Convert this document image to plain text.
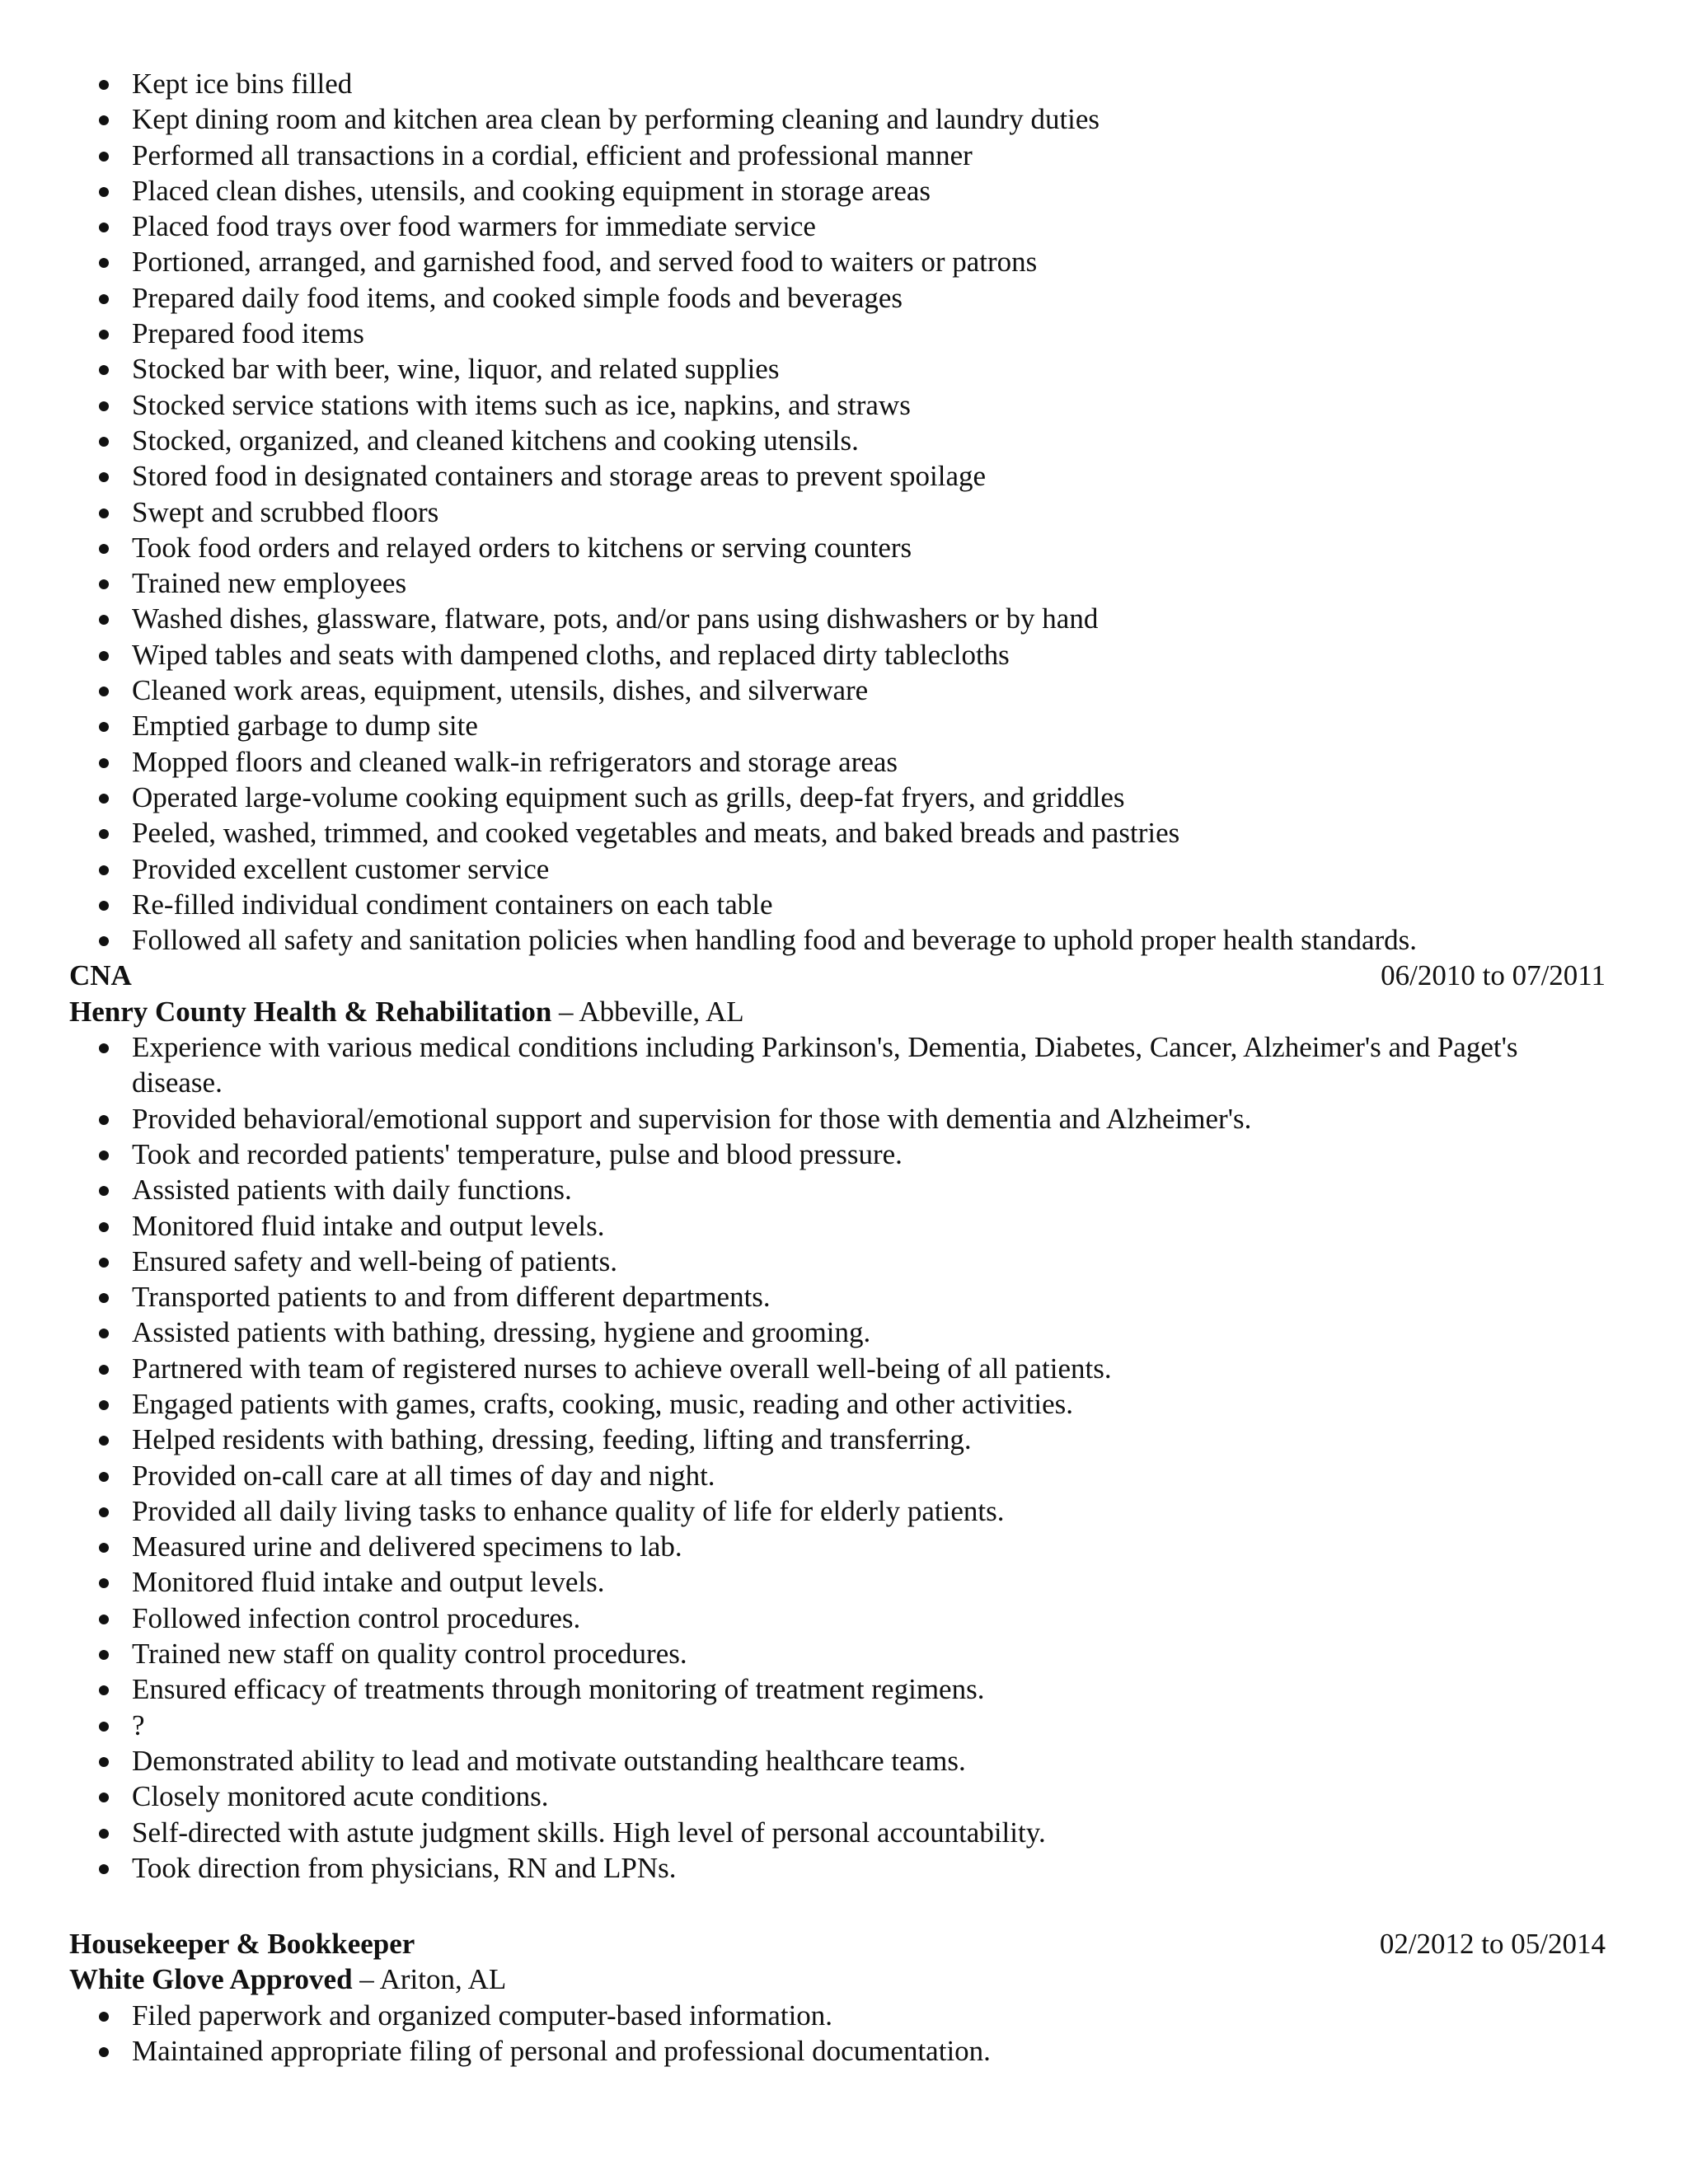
Kept ice bins filled
Kept dining room and kitchen area clean by performing cleaning and laundry duties
Performed all transactions in a cordial, efficient and professional manner
Placed clean dishes, utensils, and cooking equipment in storage areas
Placed food trays over food warmers for immediate service
Portioned, arranged, and garnished food, and served food to waiters or patrons
Prepared daily food items, and cooked simple foods and beverages
Prepared food items
Stocked bar with beer, wine, liquor, and related supplies
Stocked service stations with items such as ice, napkins, and straws
Stocked, organized, and cleaned kitchens and cooking utensils.
Stored food in designated containers and storage areas to prevent spoilage
Swept and scrubbed floors
Took food orders and relayed orders to kitchens or serving counters
Trained new employees
Washed dishes, glassware, flatware, pots, and/or pans using dishwashers or by hand
Wiped tables and seats with dampened cloths, and replaced dirty tablecloths
Cleaned work areas, equipment, utensils, dishes, and silverware
Emptied garbage to dump site
Mopped floors and cleaned walk-in refrigerators and storage areas
Operated large-volume cooking equipment such as grills, deep-fat fryers, and griddles
Peeled, washed, trimmed, and cooked vegetables and meats, and baked breads and pastries
Provided excellent customer service
Re-filled individual condiment containers on each table
Followed all safety and sanitation policies when handling food and beverage to uphold proper health standards.
CNA	06/2010 to 07/2011
Henry County Health & Rehabilitation – Abbeville, AL
Experience with various medical conditions including Parkinson's, Dementia, Diabetes, Cancer, Alzheimer's and Paget's disease.
Provided behavioral/emotional support and supervision for those with dementia and Alzheimer's.
Took and recorded patients' temperature, pulse and blood pressure.
Assisted patients with daily functions.
Monitored fluid intake and output levels.
Ensured safety and well-being of patients.
Transported patients to and from different departments.
Assisted patients with bathing, dressing, hygiene and grooming.
Partnered with team of registered nurses to achieve overall well-being of all patients.
Engaged patients with games, crafts, cooking, music, reading and other activities.
Helped residents with bathing, dressing, feeding, lifting and transferring.
Provided on-call care at all times of day and night.
Provided all daily living tasks to enhance quality of life for elderly patients.
Measured urine and delivered specimens to lab.
Monitored fluid intake and output levels.
Followed infection control procedures.
Trained new staff on quality control procedures.
Ensured efficacy of treatments through monitoring of treatment regimens.
?
Demonstrated ability to lead and motivate outstanding healthcare teams.
Closely monitored acute conditions.
Self-directed with astute judgment skills. High level of personal accountability.
Took direction from physicians, RN and LPNs.
Housekeeper & Bookkeeper	02/2012 to 05/2014
White Glove Approved – Ariton, AL
Filed paperwork and organized computer-based information.
Maintained appropriate filing of personal and professional documentation.
